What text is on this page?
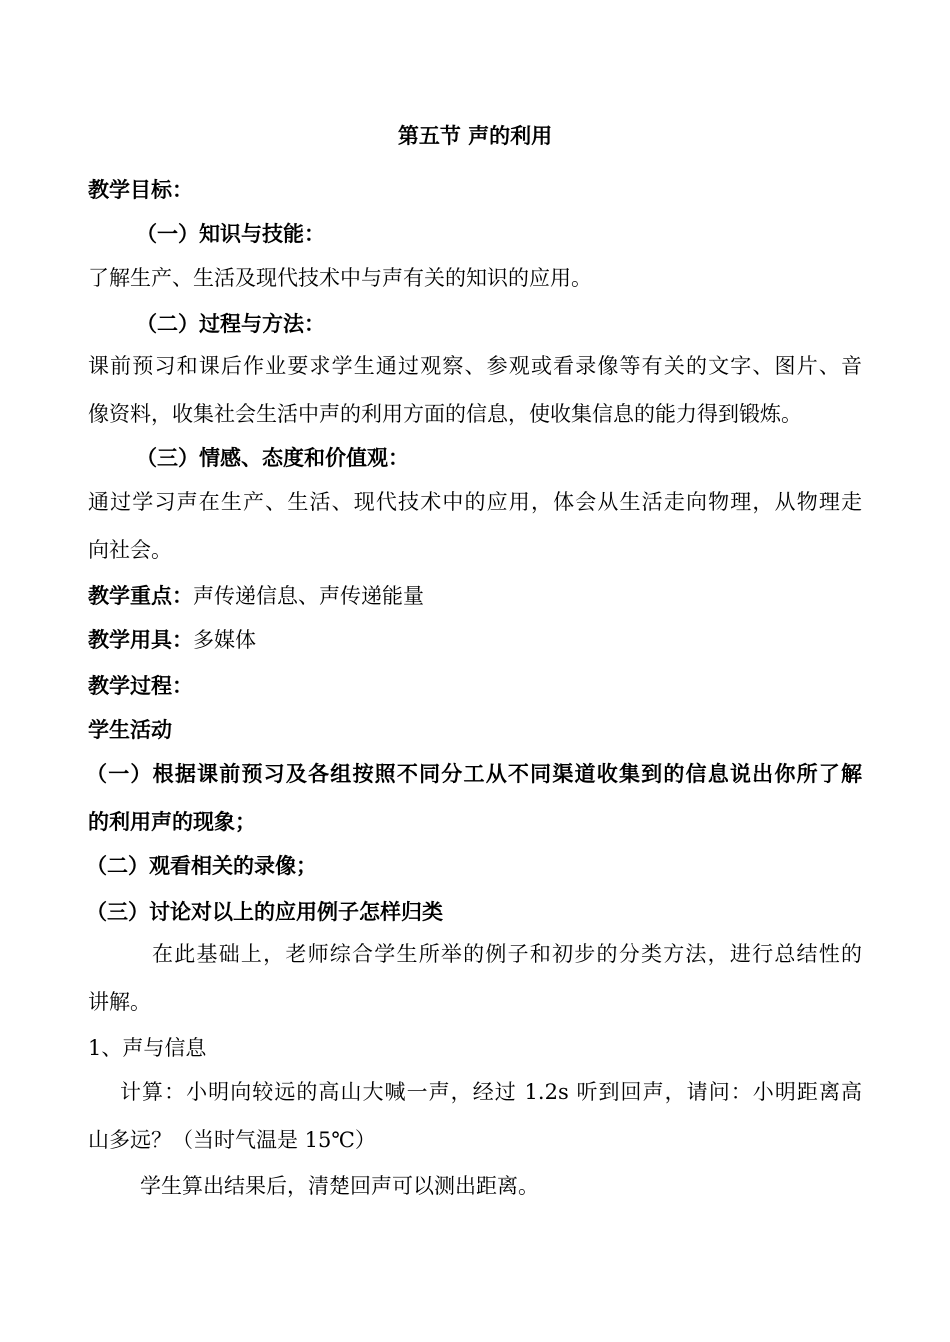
第五节 声的利用
教学目标：
（一）知识与技能：
了解生产、生活及现代技术中与声有关的知识的应用。
（二）过程与方法：
课前预习和课后作业要求学生通过观察、参观或看录像等有关的文字、图片、音
像资料，收集社会生活中声的利用方面的信息，使收集信息的能力得到锻炼。
（三）情感、态度和价值观：
通过学习声在生产、生活、现代技术中的应用，体会从生活走向物理，从物理走
向社会。
教学重点：声传递信息、声传递能量
教学用具：多媒体
教学过程：
学生活动
（一）根据课前预习及各组按照不同分工从不同渠道收集到的信息说出你所了解
的利用声的现象；
（二）观看相关的录像；
（三）讨论对以上的应用例子怎样归类
在此基础上，老师综合学生所举的例子和初步的分类方法，进行总结性的
讲解。
1、声与信息
计算：小明向较远的高山大喊一声，经过 1.2s 听到回声，请问：小明距离高
山多远？（当时气温是 15℃）
学生算出结果后，清楚回声可以测出距离。
